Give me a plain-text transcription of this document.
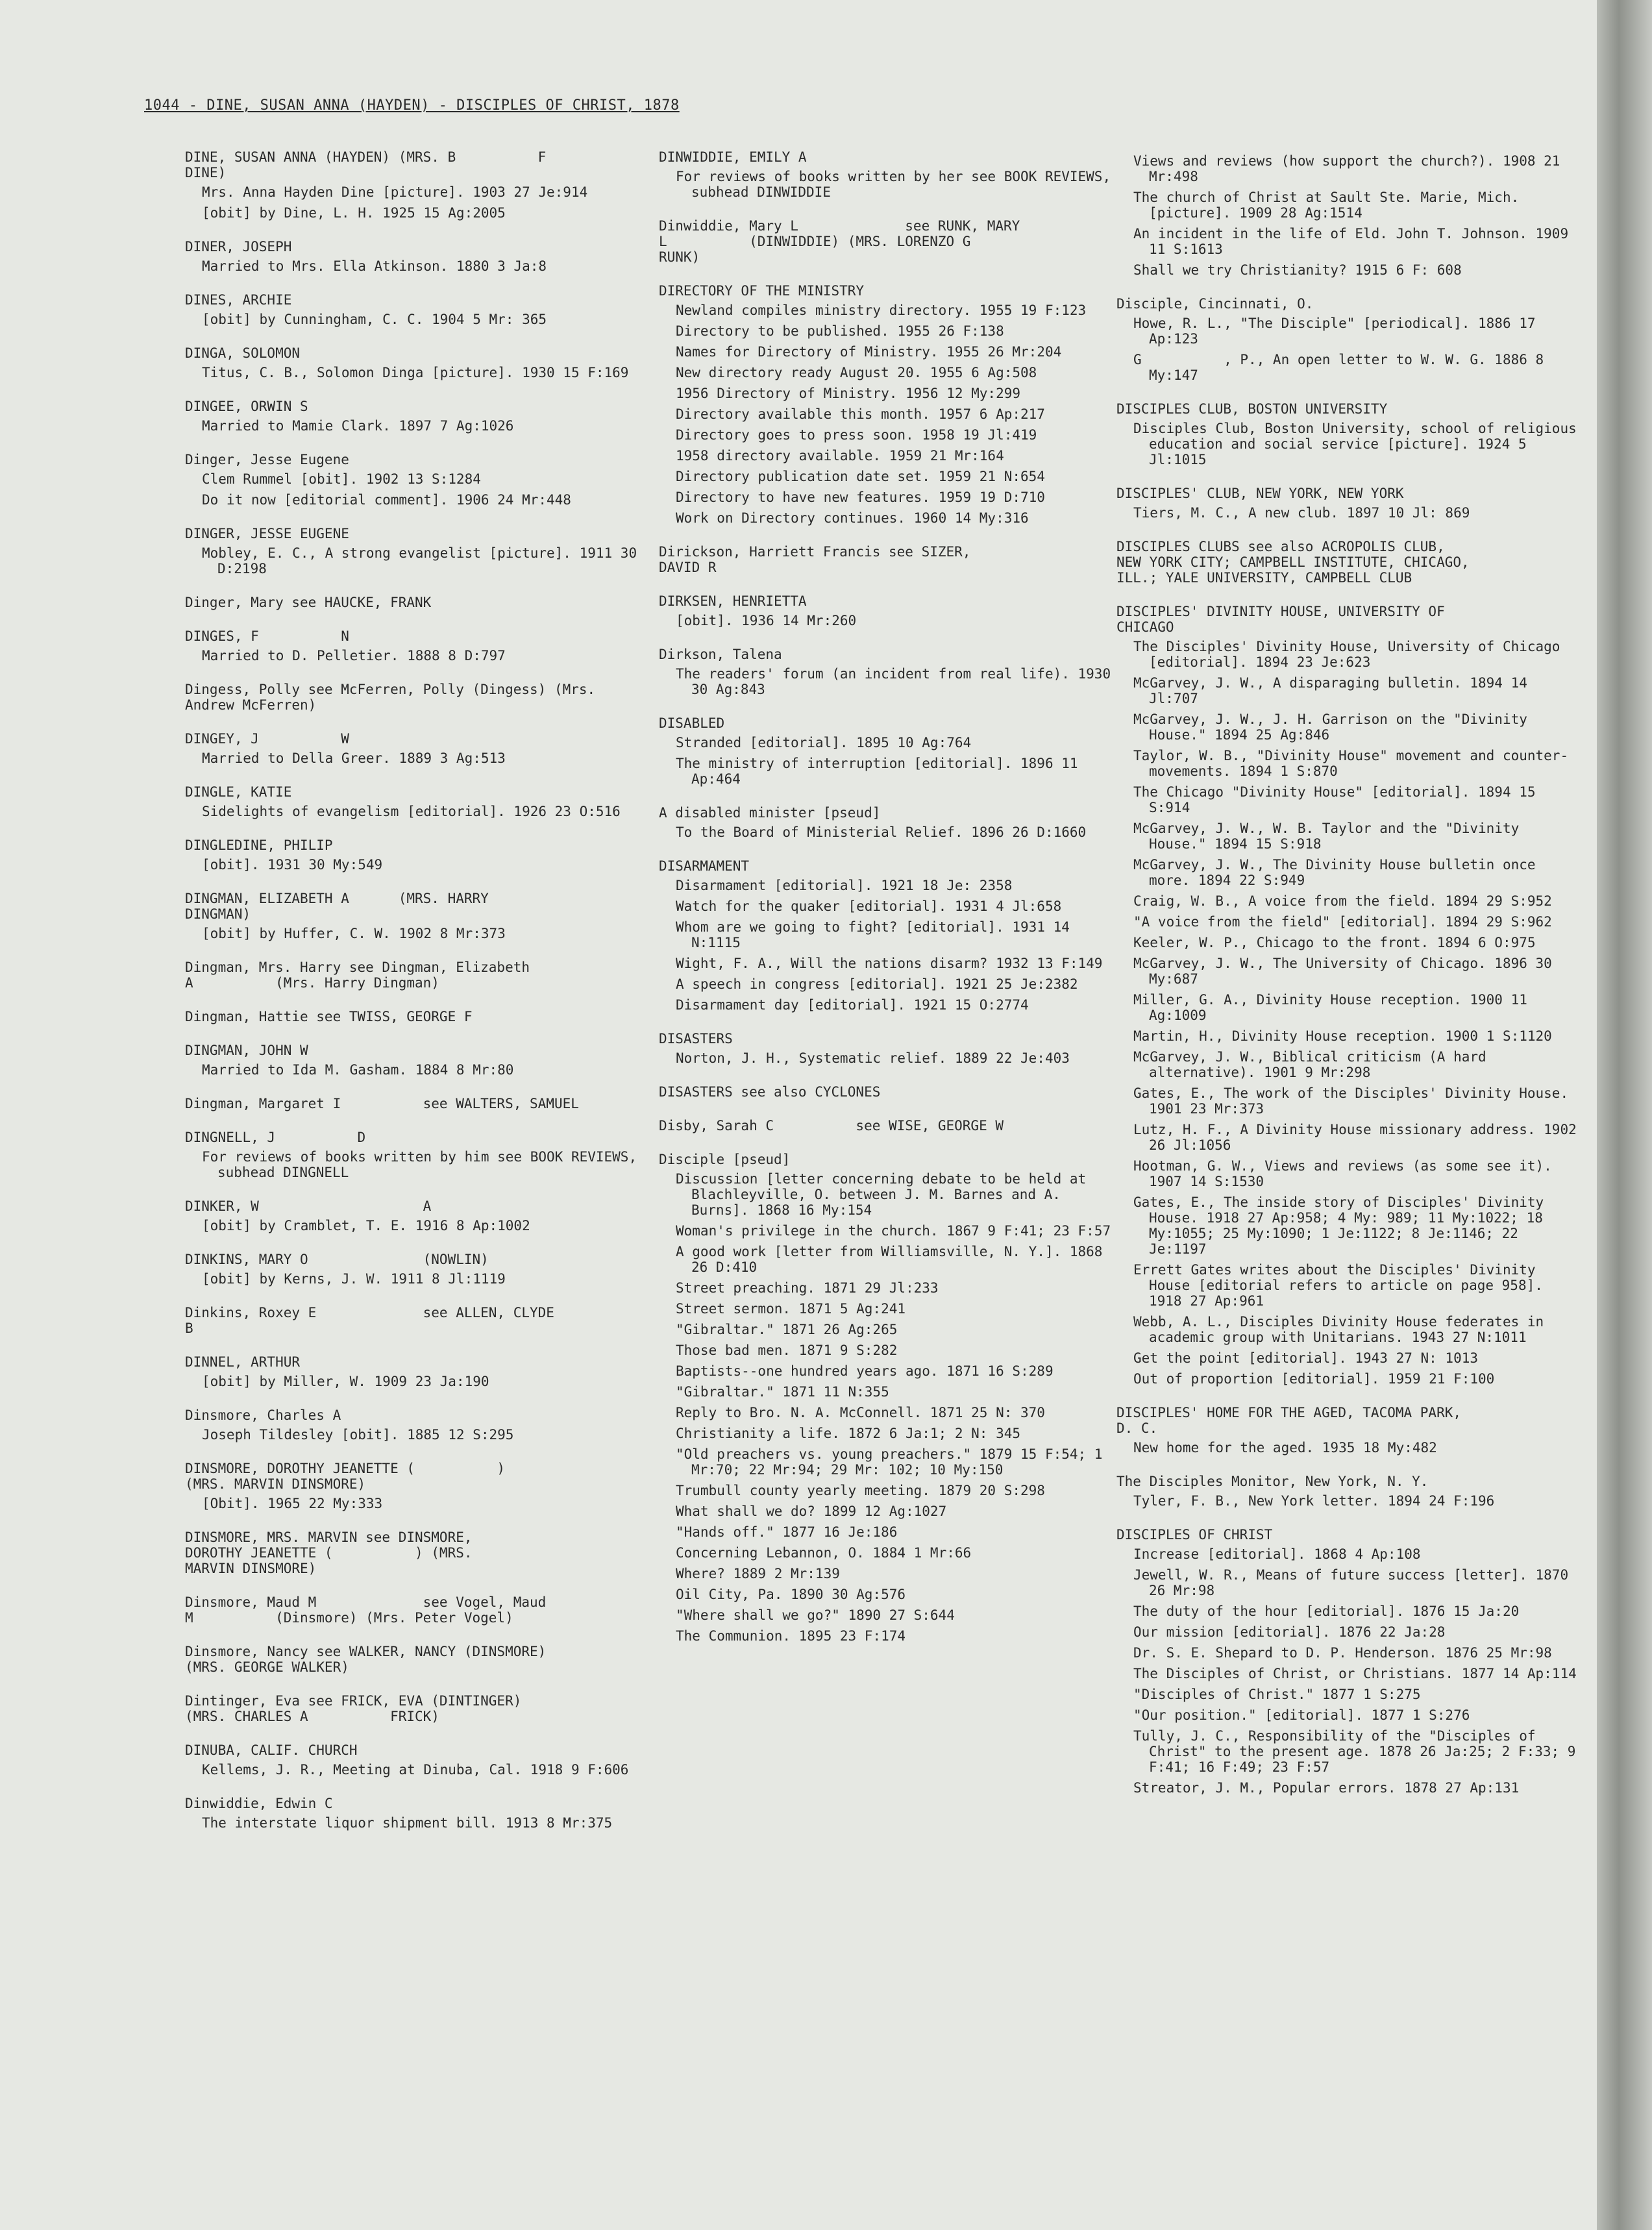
1044 - DINE, SUSAN ANNA (HAYDEN) - DISCIPLES OF CHRIST, 1878
DINE, SUSAN ANNA (HAYDEN) (MRS. B          F
DINE)
Mrs. Anna Hayden Dine [picture]. 1903 27 Je:914
[obit] by Dine, L. H. 1925 15 Ag:2005
DINER, JOSEPH
Married to Mrs. Ella Atkinson. 1880 3 Ja:8
DINES, ARCHIE
[obit] by Cunningham, C. C. 1904 5 Mr: 365
DINGA, SOLOMON
Titus, C. B., Solomon Dinga [picture]. 1930 15 F:169
DINGEE, ORWIN S
Married to Mamie Clark. 1897 7 Ag:1026
Dinger, Jesse Eugene
Clem Rummel [obit]. 1902 13 S:1284
Do it now [editorial comment]. 1906 24 Mr:448
DINGER, JESSE EUGENE
Mobley, E. C., A strong evangelist [picture]. 1911 30 D:2198
Dinger, Mary see HAUCKE, FRANK
DINGES, F          N
Married to D. Pelletier. 1888 8 D:797
Dingess, Polly see McFerren, Polly (Dingess) (Mrs. Andrew McFerren)
DINGEY, J          W
Married to Della Greer. 1889 3 Ag:513
DINGLE, KATIE
Sidelights of evangelism [editorial]. 1926 23 O:516
DINGLEDINE, PHILIP
[obit]. 1931 30 My:549
DINGMAN, ELIZABETH A      (MRS. HARRY
DINGMAN)
[obit] by Huffer, C. W. 1902 8 Mr:373
Dingman, Mrs. Harry see Dingman, Elizabeth
A          (Mrs. Harry Dingman)
Dingman, Hattie see TWISS, GEORGE F
DINGMAN, JOHN W
Married to Ida M. Gasham. 1884 8 Mr:80
Dingman, Margaret I          see WALTERS, SAMUEL
DINGNELL, J          D
For reviews of books written by him see BOOK REVIEWS, subhead DINGNELL
DINKER, W                    A
[obit] by Cramblet, T. E. 1916 8 Ap:1002
DINKINS, MARY O              (NOWLIN)
[obit] by Kerns, J. W. 1911 8 Jl:1119
Dinkins, Roxey E             see ALLEN, CLYDE
B
DINNEL, ARTHUR
[obit] by Miller, W. 1909 23 Ja:190
Dinsmore, Charles A
Joseph Tildesley [obit]. 1885 12 S:295
DINSMORE, DOROTHY JEANETTE (          )
(MRS. MARVIN DINSMORE)
[Obit]. 1965 22 My:333
DINSMORE, MRS. MARVIN see DINSMORE,
DOROTHY JEANETTE (          ) (MRS.
MARVIN DINSMORE)
Dinsmore, Maud M             see Vogel, Maud
M          (Dinsmore) (Mrs. Peter Vogel)
Dinsmore, Nancy see WALKER, NANCY (DINSMORE)
(MRS. GEORGE WALKER)
Dintinger, Eva see FRICK, EVA (DINTINGER)
(MRS. CHARLES A          FRICK)
DINUBA, CALIF. CHURCH
Kellems, J. R., Meeting at Dinuba, Cal. 1918 9 F:606
Dinwiddie, Edwin C
The interstate liquor shipment bill. 1913 8 Mr:375
DINWIDDIE, EMILY A
For reviews of books written by her see BOOK REVIEWS, subhead DINWIDDIE
Dinwiddie, Mary L             see RUNK, MARY
L          (DINWIDDIE) (MRS. LORENZO G
RUNK)
DIRECTORY OF THE MINISTRY
Newland compiles ministry directory. 1955 19 F:123
Directory to be published. 1955 26 F:138
Names for Directory of Ministry. 1955 26 Mr:204
New directory ready August 20. 1955 6 Ag:508
1956 Directory of Ministry. 1956 12 My:299
Directory available this month. 1957 6 Ap:217
Directory goes to press soon. 1958 19 Jl:419
1958 directory available. 1959 21 Mr:164
Directory publication date set. 1959 21 N:654
Directory to have new features. 1959 19 D:710
Work on Directory continues. 1960 14 My:316
Dirickson, Harriett Francis see SIZER,
DAVID R
DIRKSEN, HENRIETTA
[obit]. 1936 14 Mr:260
Dirkson, Talena
The readers' forum (an incident from real life). 1930 30 Ag:843
DISABLED
Stranded [editorial]. 1895 10 Ag:764
The ministry of interruption [editorial]. 1896 11 Ap:464
A disabled minister [pseud]
To the Board of Ministerial Relief. 1896 26 D:1660
DISARMAMENT
Disarmament [editorial]. 1921 18 Je: 2358
Watch for the quaker [editorial]. 1931 4 Jl:658
Whom are we going to fight? [editorial]. 1931 14 N:1115
Wight, F. A., Will the nations disarm? 1932 13 F:149
A speech in congress [editorial]. 1921 25 Je:2382
Disarmament day [editorial]. 1921 15 O:2774
DISASTERS
Norton, J. H., Systematic relief. 1889 22 Je:403
DISASTERS see also CYCLONES
Disby, Sarah C          see WISE, GEORGE W
Disciple [pseud]
Discussion [letter concerning debate to be held at Blachleyville, O. between J. M. Barnes and A. Burns]. 1868 16 My:154
Woman's privilege in the church. 1867 9 F:41; 23 F:57
A good work [letter from Williamsville, N. Y.]. 1868 26 D:410
Street preaching. 1871 29 Jl:233
Street sermon. 1871 5 Ag:241
"Gibraltar." 1871 26 Ag:265
Those bad men. 1871 9 S:282
Baptists--one hundred years ago. 1871 16 S:289
"Gibraltar." 1871 11 N:355
Reply to Bro. N. A. McConnell. 1871 25 N: 370
Christianity a life. 1872 6 Ja:1; 2 N: 345
"Old preachers vs. young preachers." 1879 15 F:54; 1 Mr:70; 22 Mr:94; 29 Mr: 102; 10 My:150
Trumbull county yearly meeting. 1879 20 S:298
What shall we do? 1899 12 Ag:1027
"Hands off." 1877 16 Je:186
Concerning Lebannon, O. 1884 1 Mr:66
Where? 1889 2 Mr:139
Oil City, Pa. 1890 30 Ag:576
"Where shall we go?" 1890 27 S:644
The Communion. 1895 23 F:174
Views and reviews (how support the church?). 1908 21 Mr:498
The church of Christ at Sault Ste. Marie, Mich. [picture]. 1909 28 Ag:1514
An incident in the life of Eld. John T. Johnson. 1909 11 S:1613
Shall we try Christianity? 1915 6 F: 608
Disciple, Cincinnati, O.
Howe, R. L., "The Disciple" [periodical]. 1886 17 Ap:123
G          , P., An open letter to W. W. G. 1886 8 My:147
DISCIPLES CLUB, BOSTON UNIVERSITY
Disciples Club, Boston University, school of religious education and social service [picture]. 1924 5 Jl:1015
DISCIPLES' CLUB, NEW YORK, NEW YORK
Tiers, M. C., A new club. 1897 10 Jl: 869
DISCIPLES CLUBS see also ACROPOLIS CLUB,
NEW YORK CITY; CAMPBELL INSTITUTE, CHICAGO,
ILL.; YALE UNIVERSITY, CAMPBELL CLUB
DISCIPLES' DIVINITY HOUSE, UNIVERSITY OF
CHICAGO
The Disciples' Divinity House, University of Chicago [editorial]. 1894 23 Je:623
McGarvey, J. W., A disparaging bulletin. 1894 14 Jl:707
McGarvey, J. W., J. H. Garrison on the "Divinity House." 1894 25 Ag:846
Taylor, W. B., "Divinity House" movement and counter-movements. 1894 1 S:870
The Chicago "Divinity House" [editorial]. 1894 15 S:914
McGarvey, J. W., W. B. Taylor and the "Divinity House." 1894 15 S:918
McGarvey, J. W., The Divinity House bulletin once more. 1894 22 S:949
Craig, W. B., A voice from the field. 1894 29 S:952
"A voice from the field" [editorial]. 1894 29 S:962
Keeler, W. P., Chicago to the front. 1894 6 O:975
McGarvey, J. W., The University of Chicago. 1896 30 My:687
Miller, G. A., Divinity House reception. 1900 11 Ag:1009
Martin, H., Divinity House reception. 1900 1 S:1120
McGarvey, J. W., Biblical criticism (A hard alternative). 1901 9 Mr:298
Gates, E., The work of the Disciples' Divinity House. 1901 23 Mr:373
Lutz, H. F., A Divinity House missionary address. 1902 26 Jl:1056
Hootman, G. W., Views and reviews (as some see it). 1907 14 S:1530
Gates, E., The inside story of Disciples' Divinity House. 1918 27 Ap:958; 4 My: 989; 11 My:1022; 18 My:1055; 25 My:1090; 1 Je:1122; 8 Je:1146; 22 Je:1197
Errett Gates writes about the Disciples' Divinity House [editorial refers to article on page 958]. 1918 27 Ap:961
Webb, A. L., Disciples Divinity House federates in academic group with Unitarians. 1943 27 N:1011
Get the point [editorial]. 1943 27 N: 1013
Out of proportion [editorial]. 1959 21 F:100
DISCIPLES' HOME FOR THE AGED, TACOMA PARK,
D. C.
New home for the aged. 1935 18 My:482
The Disciples Monitor, New York, N. Y.
Tyler, F. B., New York letter. 1894 24 F:196
DISCIPLES OF CHRIST
Increase [editorial]. 1868 4 Ap:108
Jewell, W. R., Means of future success [letter]. 1870 26 Mr:98
The duty of the hour [editorial]. 1876 15 Ja:20
Our mission [editorial]. 1876 22 Ja:28
Dr. S. E. Shepard to D. P. Henderson. 1876 25 Mr:98
The Disciples of Christ, or Christians. 1877 14 Ap:114
"Disciples of Christ." 1877 1 S:275
"Our position." [editorial]. 1877 1 S:276
Tully, J. C., Responsibility of the "Disciples of Christ" to the present age. 1878 26 Ja:25; 2 F:33; 9 F:41; 16 F:49; 23 F:57
Streator, J. M., Popular errors. 1878 27 Ap:131
